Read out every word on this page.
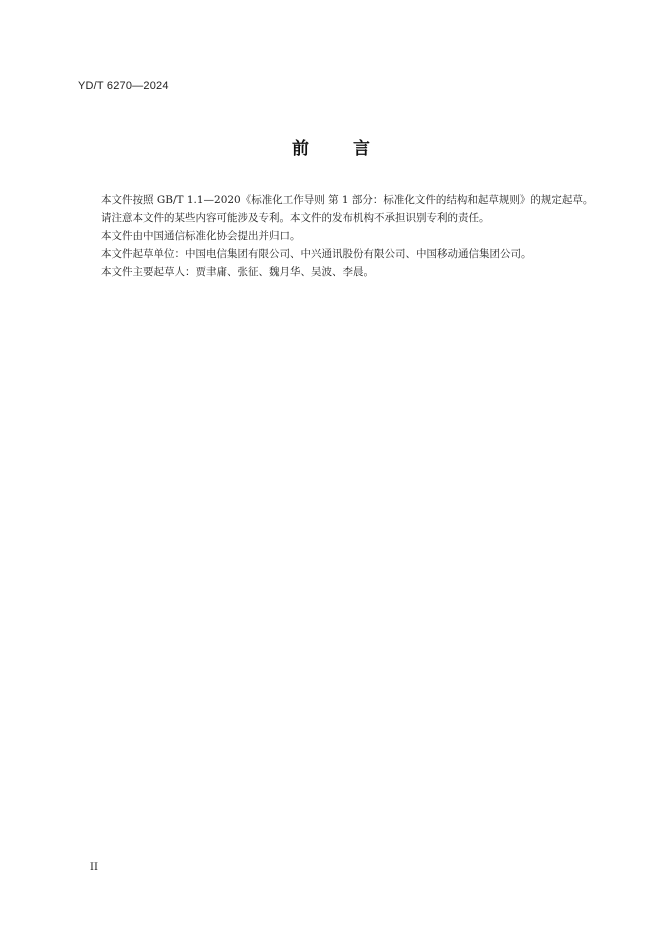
YD/T 6270—2024
前	言

本文件按照 GB/T 1.1—2020《标准化工作导则 第 1 部分：标准化文件的结构和起草规则》的规定起草。

请注意本文件的某些内容可能涉及专利。本文件的发布机构不承担识别专利的责任。

本文件由中国通信标准化协会提出并归口。

本文件起草单位：中国电信集团有限公司、中兴通讯股份有限公司、中国移动通信集团公司。

本文件主要起草人：贾聿庸、张征、魏月华、吴波、李晨。

II
